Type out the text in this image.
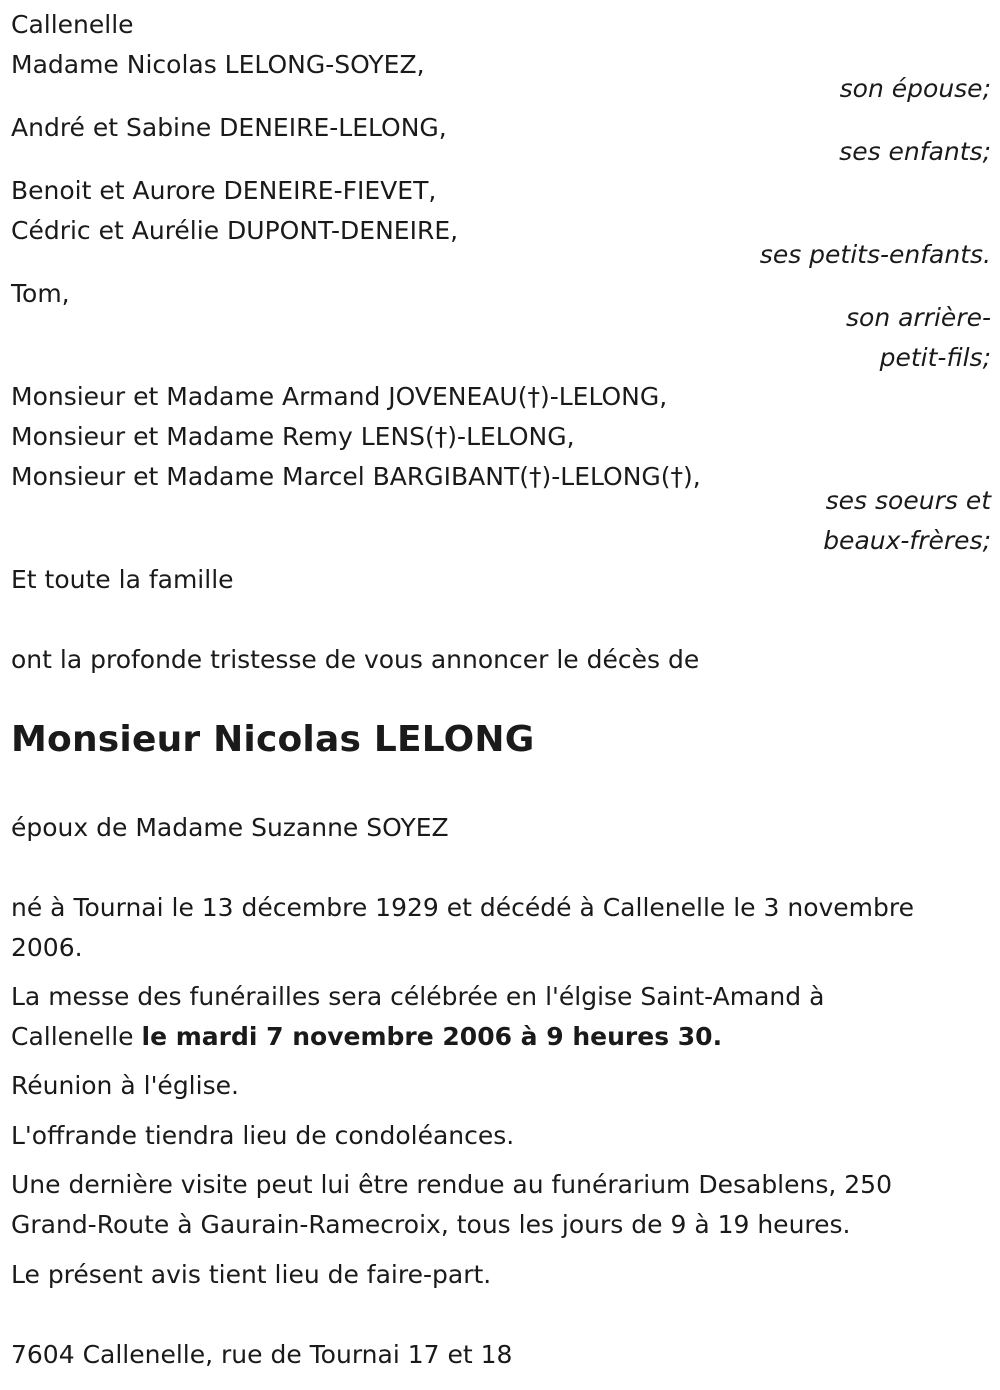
Callenelle
Madame Nicolas LELONG-SOYEZ,
son épouse;
André et Sabine DENEIRE-LELONG,
ses enfants;
Benoit et Aurore DENEIRE-FIEVET,
Cédric et Aurélie DUPONT-DENEIRE,
ses petits-enfants.
Tom,
son arrière-
petit-fils;
Monsieur et Madame Armand JOVENEAU(†)-LELONG,
Monsieur et Madame Remy LENS(†)-LELONG,
Monsieur et Madame Marcel BARGIBANT(†)-LELONG(†),
ses soeurs et
beaux-frères;
Et toute la famille
ont la profonde tristesse de vous annoncer le décès de
Monsieur Nicolas LELONG
époux de Madame Suzanne SOYEZ
né à Tournai le 13 décembre 1929 et décédé à Callenelle le 3 novembre
2006.
La messe des funérailles sera célébrée en l'élgise Saint-Amand à
Callenelle le mardi 7 novembre 2006 à 9 heures 30.
Réunion à l'église.
L'offrande tiendra lieu de condoléances.
Une dernière visite peut lui être rendue au funérarium Desablens, 250
Grand-Route à Gaurain-Ramecroix, tous les jours de 9 à 19 heures.
Le présent avis tient lieu de faire-part.
7604 Callenelle, rue de Tournai 17 et 18
